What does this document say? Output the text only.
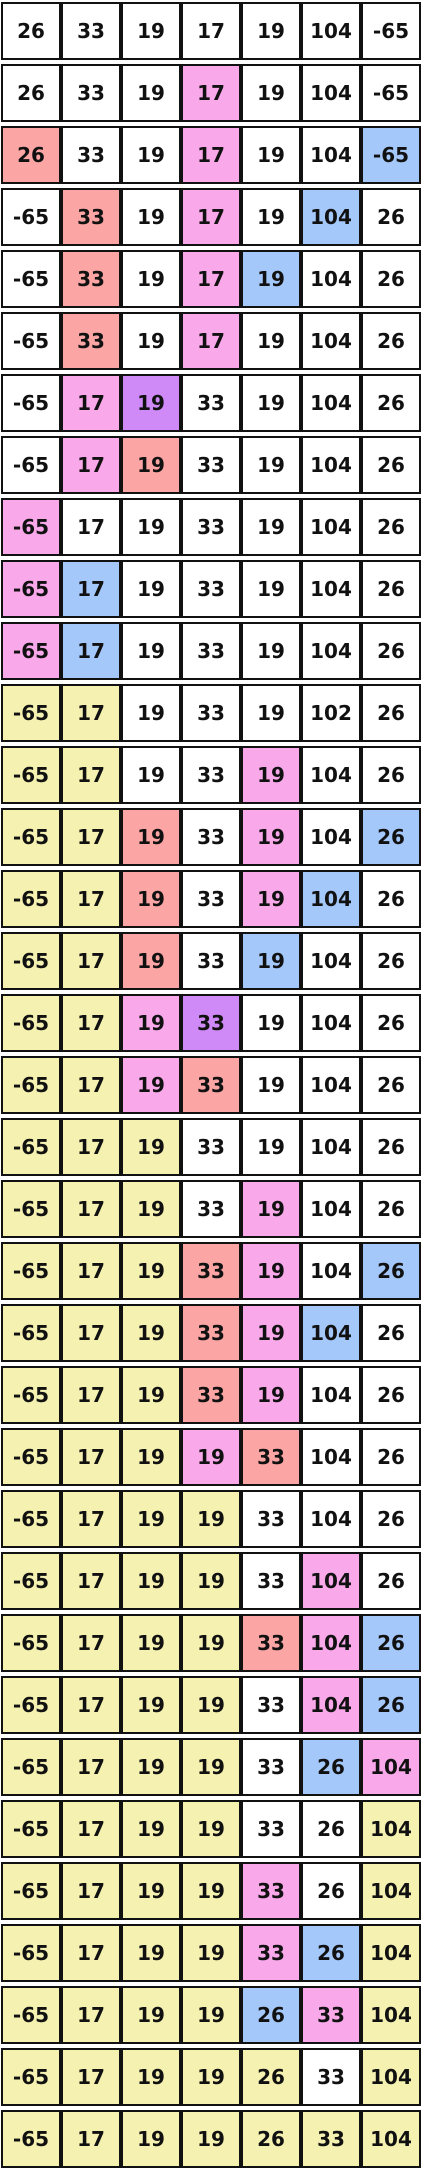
26	33	19	17	19	104	-65
26	33	19	17	19	104	-65
26	33	19	17	19	104	-65
-65	33	19	17	19	104	26
-65	33	19	17	19	104	26
-65	33	19	17	19	104	26
-65	17	19	33	19	104	26
-65	17	19	33	19	104	26
-65	17	19	33	19	104	26
-65	17	19	33	19	104	26
-65	17	19	33	19	104	26
-65	17	19	33	19	102	26
-65	17	19	33	19	104	26
-65	17	19	33	19	104	26
-65	17	19	33	19	104	26
-65	17	19	33	19	104	26
-65	17	19	33	19	104	26
-65	17	19	33	19	104	26
-65	17	19	33	19	104	26
-65	17	19	33	19	104	26
-65	17	19	33	19	104	26
-65	17	19	33	19	104	26
-65	17	19	33	19	104	26
-65	17	19	19	33	104	26
-65	17	19	19	33	104	26
-65	17	19	19	33	104	26
-65	17	19	19	33	104	26
-65	17	19	19	33	104	26
-65	17	19	19	33	26	104
-65	17	19	19	33	26	104
-65	17	19	19	33	26	104
-65	17	19	19	33	26	104
-65	17	19	19	26	33	104
-65	17	19	19	26	33	104
-65	17	19	19	26	33	104
